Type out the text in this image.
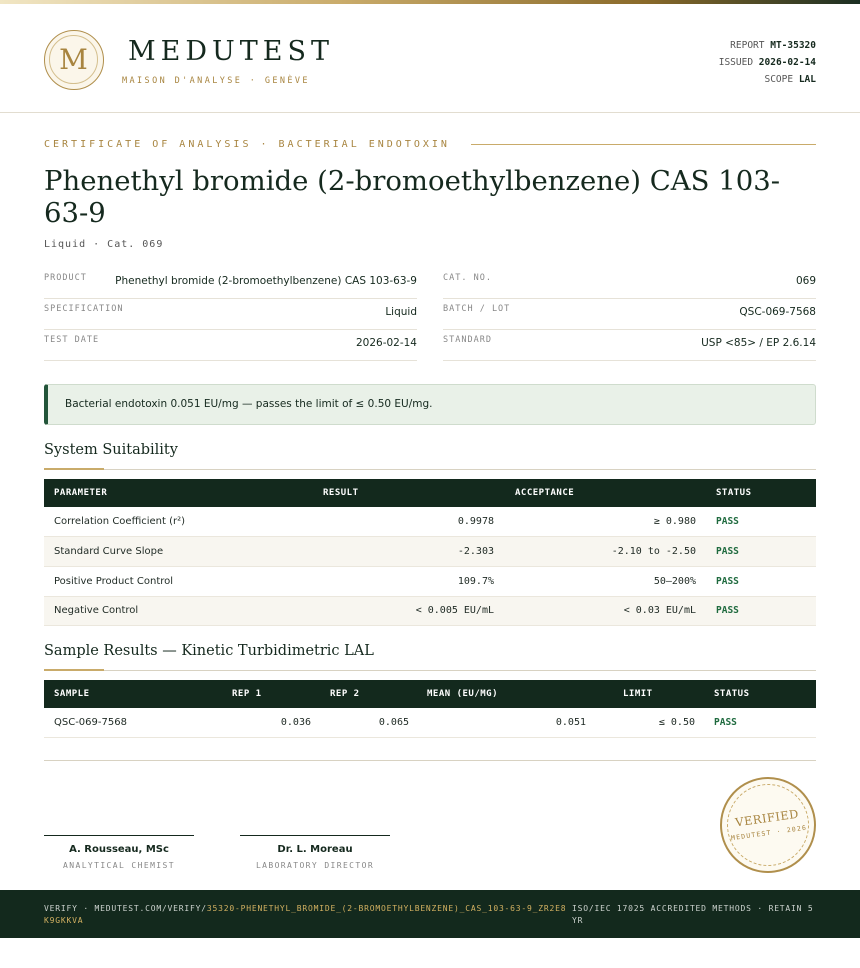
M	MEDUTEST
MAISON D'ANALYSE · GENÈVE
REPORT MT-35320
ISSUED 2026-02-14
SCOPE LAL
CERTIFICATE OF ANALYSIS · BACTERIAL ENDOTOXIN
Phenethyl bromide (2-bromoethylbenzene) CAS 103-63-9
Liquid · Cat. 069
PRODUCT	Phenethyl bromide (2-bromoethylbenzene) CAS 103-63-9
SPECIFICATION	Liquid
TEST DATE	2026-02-14
CAT. NO.	069
BATCH / LOT	QSC-069-7568
STANDARD	USP <85> / EP 2.6.14
Bacterial endotoxin 0.051 EU/mg — passes the limit of ≤ 0.50 EU/mg.
System Suitability
PARAMETER	RESULT	ACCEPTANCE	STATUS
Correlation Coefficient (r²)	0.9978	≥ 0.980	PASS
Standard Curve Slope	-2.303	-2.10 to -2.50	PASS
Positive Product Control	109.7%	50–200%	PASS
Negative Control	< 0.005 EU/mL	< 0.03 EU/mL	PASS
Sample Results — Kinetic Turbidimetric LAL
SAMPLE	REP 1	REP 2	MEAN (EU/MG)	LIMIT	STATUS
QSC-069-7568	0.036	0.065	0.051	≤ 0.50	PASS
A. Rousseau, MSc
ANALYTICAL CHEMIST
Dr. L. Moreau
LABORATORY DIRECTOR
VERIFIED
MEDUTEST · 2026
VERIFY · MEDUTEST.COM/VERIFY/35320-PHENETHYL_BROMIDE_(2-BROMOETHYLBENZENE)_CAS_103-63-9_ZR2E8K9GKKVA
ISO/IEC 17025 ACCREDITED METHODS · RETAIN 5 YR
